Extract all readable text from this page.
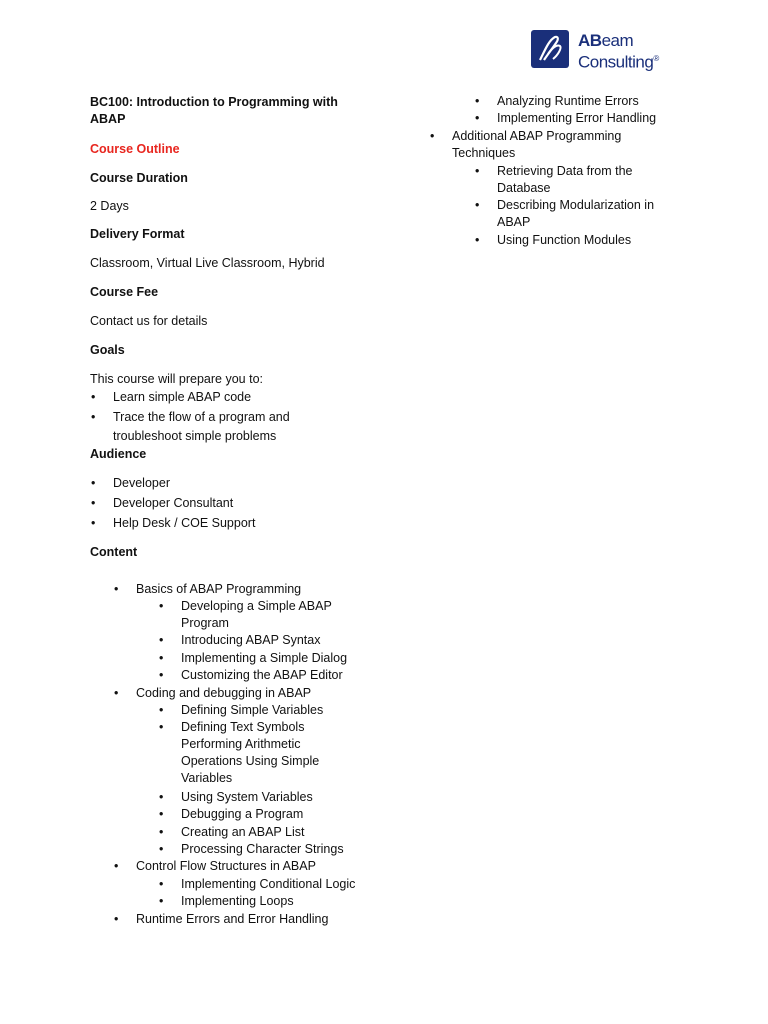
ABeam
Consulting®
BC100: Introduction to Programming with ABAP
Course Outline
Course Duration
2 Days
Delivery Format
Classroom, Virtual Live Classroom, Hybrid
Course Fee
Contact us for details
Goals
This course will prepare you to:
• Learn simple ABAP code
• Trace the flow of a program and troubleshoot simple problems
Audience
• Developer
• Developer Consultant
• Help Desk / COE Support
Content
• Basics of ABAP Programming
• Developing a Simple ABAP Program
• Introducing ABAP Syntax
• Implementing a Simple Dialog
• Customizing the ABAP Editor
• Coding and debugging in ABAP
• Defining Simple Variables
• Defining Text Symbols Performing Arithmetic Operations Using Simple Variables
• Using System Variables
• Debugging a Program
• Creating an ABAP List
• Processing Character Strings
• Control Flow Structures in ABAP
• Implementing Conditional Logic
• Implementing Loops
• Runtime Errors and Error Handling
• Analyzing Runtime Errors
• Implementing Error Handling
• Additional ABAP Programming Techniques
• Retrieving Data from the Database
• Describing Modularization in ABAP
• Using Function Modules
